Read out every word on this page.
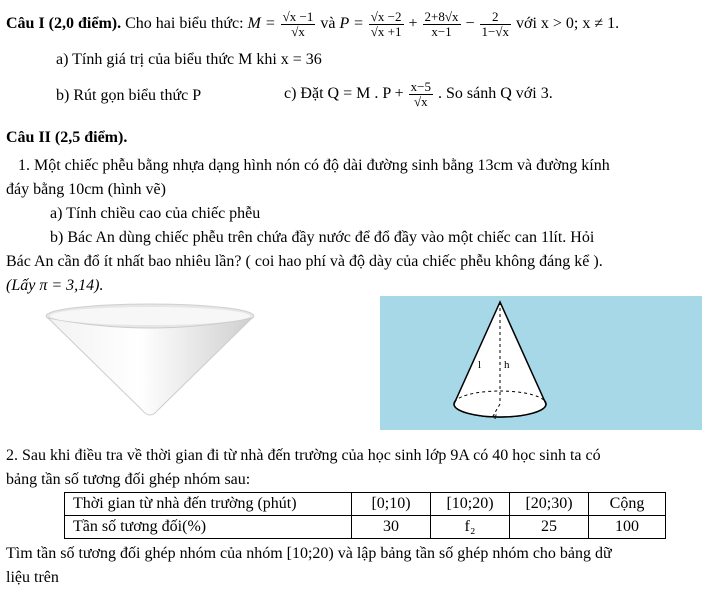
Câu I (2,0 điểm). Cho hai biểu thức: $M = \frac{√x -1}{√x}$ và $P = \frac{√x -2}{√x +1} + \frac{2+8√x}{x-1} - \frac{2}{1-√x}$ với x > 0; x ≠ 1.
a) Tính giá trị của biểu thức M khi x = 36
b) Rút gọn biểu thức P	c) Đặt Q = M . $P + \frac{x-5}{√x}$ . So sánh Q với 3.
Câu II (2,5 điểm).
1. Một chiếc phễu bằng nhựa dạng hình nón có độ dài đường sinh bằng 13cm và đường kính
đáy bằng 10cm (hình vẽ)
a) Tính chiều cao của chiếc phễu
b) Bác An dùng chiếc phễu trên chứa đầy nước để đổ đầy vào một chiếc can 1lít. Hỏi
Bác An cần đổ ít nhất bao nhiêu lần? ( coi hao phí và độ dày của chiếc phễu không đáng kể ).
(Lấy π = 3,14).
l h
r
2. Sau khi điều tra về thời gian đi từ nhà đến trường của học sinh lớp 9A có 40 học sinh ta có
bảng tần số tương đối ghép nhóm sau:
Thời gian từ nhà đến trường (phút)	[0;10)	[10;20)	[20;30)	Cộng
Tần số tương đối(%)	30	f₂	25	100
Tìm tần số tương đối ghép nhóm của nhóm [10;20) và lập bảng tần số ghép nhóm cho bảng dữ
liệu trên
